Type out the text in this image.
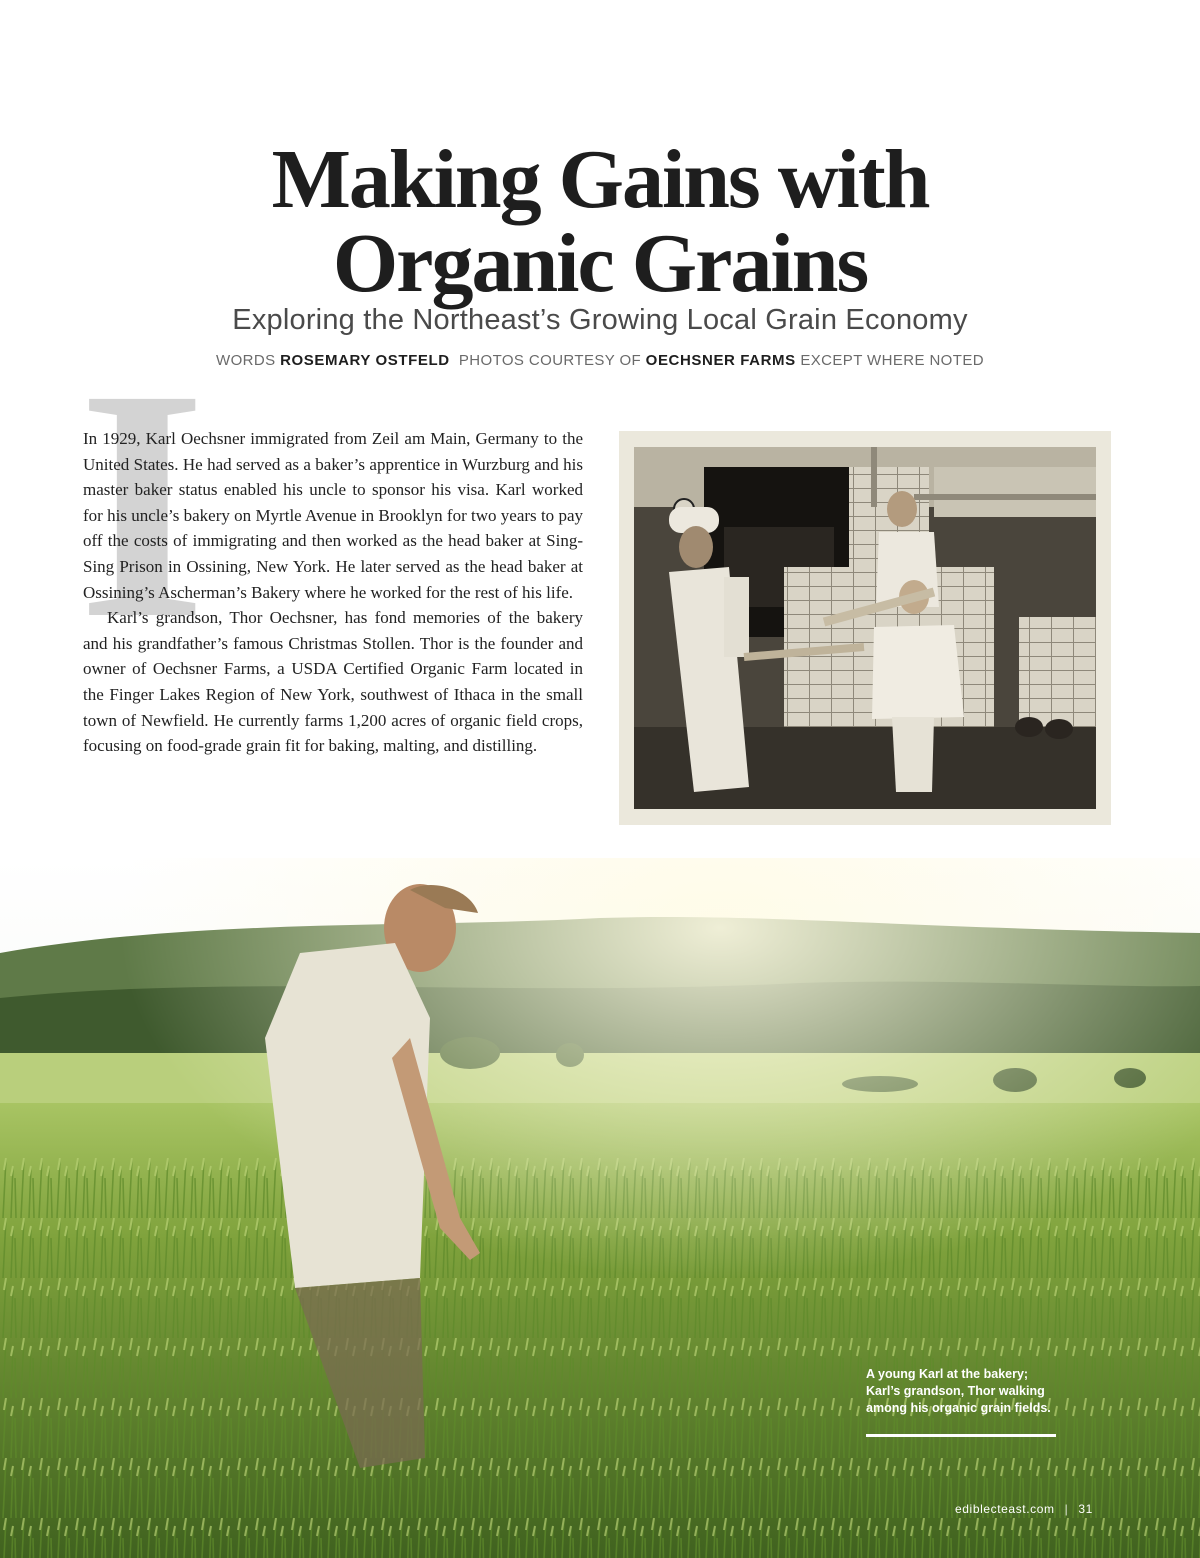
Making Gains with
Organic Grains
Exploring the Northeast’s Growing Local Grain Economy
WORDS ROSEMARY OSTFELD PHOTOS COURTESY OF OECHSNER FARMS EXCEPT WHERE NOTED
I

In 1929, Karl Oechsner immigrated from Zeil am Main, Germany to the United States. He had served as a baker’s apprentice in Wurzburg and his master baker status enabled his uncle to sponsor his visa. Karl worked for his uncle’s bakery on Myrtle Avenue in Brooklyn for two years to pay off the costs of immigrating and then worked as the head baker at Sing-Sing Prison in Ossining, New York. He later served as the head baker at Ossining’s Ascherman’s Bakery where he worked for the rest of his life.

Karl’s grandson, Thor Oechsner, has fond memories of the bakery and his grandfather’s famous Christmas Stollen. Thor is the founder and owner of Oechsner Farms, a USDA Certified Organic Farm located in the Finger Lakes Region of New York, southwest of Ithaca in the small town of Newfield. He currently farms 1,200 acres of organic field crops, focusing on food-grade grain fit for baking, malting, and distilling.

A young Karl at the bakery;

Karl’s grandson, Thor walking

among his organic grain fields.

ediblecteast.com | 31
